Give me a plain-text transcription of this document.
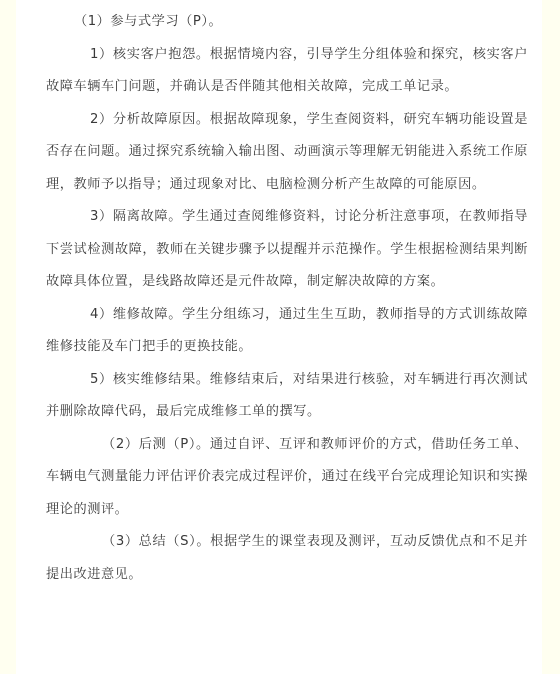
（1）参与式学习（P）。

1）核实客户抱怨。根据情境内容，引导学生分组体验和探究，核实客户故障车辆车门问题，并确认是否伴随其他相关故障，完成工单记录。

2）分析故障原因。根据故障现象，学生查阅资料，研究车辆功能设置是否存在问题。通过探究系统输入输出图、动画演示等理解无钥能进入系统工作原理，教师予以指导；通过现象对比、电脑检测分析产生故障的可能原因。

3）隔离故障。学生通过查阅维修资料，讨论分析注意事项，在教师指导下尝试检测故障，教师在关键步骤予以提醒并示范操作。学生根据检测结果判断故障具体位置，是线路故障还是元件故障，制定解决故障的方案。

4）维修故障。学生分组练习，通过生生互助，教师指导的方式训练故障维修技能及车门把手的更换技能。

5）核实维修结果。维修结束后，对结果进行核验，对车辆进行再次测试并删除故障代码，最后完成维修工单的撰写。

（2）后测（P）。通过自评、互评和教师评价的方式，借助任务工单、车辆电气测量能力评估评价表完成过程评价，通过在线平台完成理论知识和实操理论的测评。

（3）总结（S）。根据学生的课堂表现及测评，互动反馈优点和不足并提出改进意见。
